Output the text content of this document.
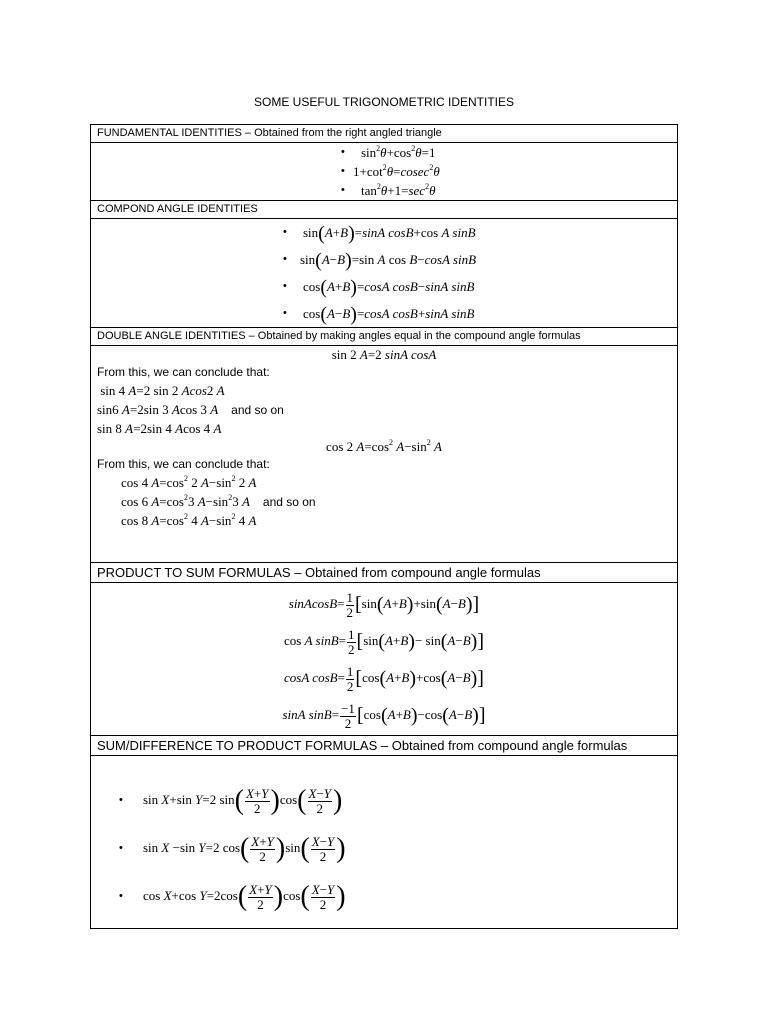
SOME USEFUL TRIGONOMETRIC IDENTITIES
FUNDAMENTAL IDENTITIES – Obtained from the right angled triangle

• $\sin^2\theta+\cos^2\theta=1$
• $1+\cot^2\theta=cosec^2\theta$
• $\tan^2\theta+1=\sec^2\theta$

COMPOND ANGLE IDENTITIES

• sin(A+B)=sinA cosB+cos A sinB
• sin(A−B)=sin A cos B−cosA sinB
• cos(A+B)=cosA cosB−sinA sinB
• cos(A−B)=cosA cosB+sinA sinB

DOUBLE ANGLE IDENTITIES – Obtained by making angles equal in the compound angle formulas

sin 2 A=2 sinA cosA
From this, we can conclude that:
sin 4 A=2 sin 2 Acos2 A
sin6 A=2sin 3 Acos 3 A and so on
sin 8 A=2sin 4 Acos 4 A
cos 2 $A=\cos^2$ $A-\sin^2$ A
From this, we can conclude that:
cos 4 $A=\cos^2$ 2 $A-\sin^2$ 2 A
cos 6 $A=\cos^23$ $A-\sin^23$ A and so on
cos 8 $A=\cos^2$ 4 $A-\sin^2$ 4 A

PRODUCT TO SUM FORMULAS – Obtained from compound angle formulas

sinAcosB= $\frac{1}{2} [\sin(A+B)+\sin(A-B)]$
cos A $\sin B= \frac{1}{2} [\sin(A+B)- \sin(A-B)]$
cosA $\cos B= \frac{1}{2} [\cos(A+B)+\cos(A-B)]$
sinA $\sin B= \frac{-1}{2} [\cos(A+B)-\cos(A-B)]$

SUM/DIFFERENCE TO PRODUCT FORMULAS – Obtained from compound angle formulas

• sin X+sin Y=2 $\sin( \frac{X+Y}{2} )\cos( \frac{X-Y}{2}$ )
• sin X −sin Y=2 $\cos( \frac{X+Y}{2} )\sin( \frac{X-Y}{2}$ )
• cos X+cos $Y=2\cos( \frac{X+Y}{2} )\cos( \frac{X-Y}{2}$ )
